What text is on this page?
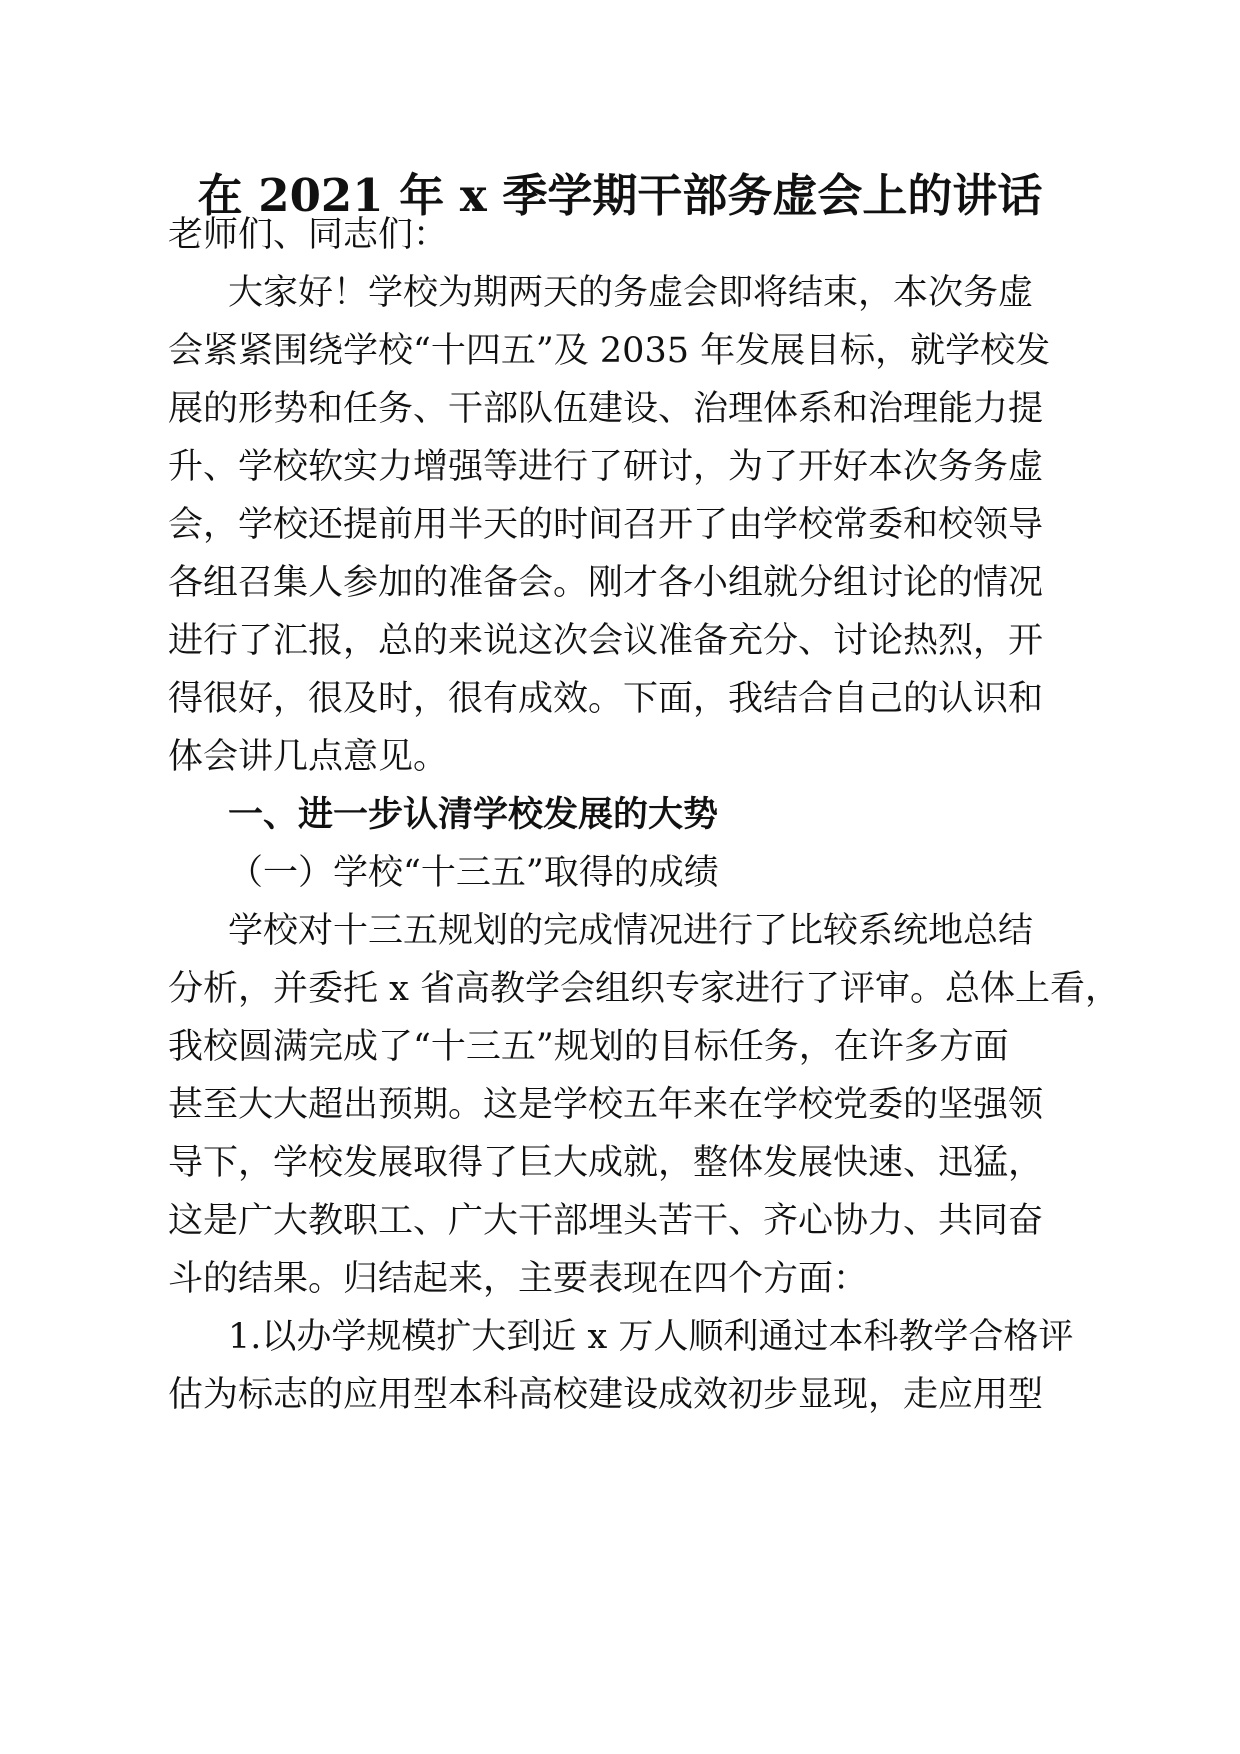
在 2021 年 x 季学期干部务虚会上的讲话
老师们、同志们：
大家好！学校为期两天的务虚会即将结束，本次务虚
会紧紧围绕学校“十四五”及 2035 年发展目标，就学校发
展的形势和任务、干部队伍建设、治理体系和治理能力提
升、学校软实力增强等进行了研讨，为了开好本次务务虚
会，学校还提前用半天的时间召开了由学校常委和校领导
各组召集人参加的准备会。刚才各小组就分组讨论的情况
进行了汇报，总的来说这次会议准备充分、讨论热烈，开
得很好，很及时，很有成效。下面，我结合自己的认识和
体会讲几点意见。
一、进一步认清学校发展的大势
（一）学校“十三五”取得的成绩
学校对十三五规划的完成情况进行了比较系统地总结
分析，并委托 x 省高教学会组织专家进行了评审。总体上看，
我校圆满完成了“十三五”规划的目标任务，在许多方面
甚至大大超出预期。这是学校五年来在学校党委的坚强领
导下，学校发展取得了巨大成就，整体发展快速、迅猛，
这是广大教职工、广大干部埋头苦干、齐心协力、共同奋
斗的结果。归结起来，主要表现在四个方面：
1.以办学规模扩大到近 x 万人顺利通过本科教学合格评
估为标志的应用型本科高校建设成效初步显现，走应用型
